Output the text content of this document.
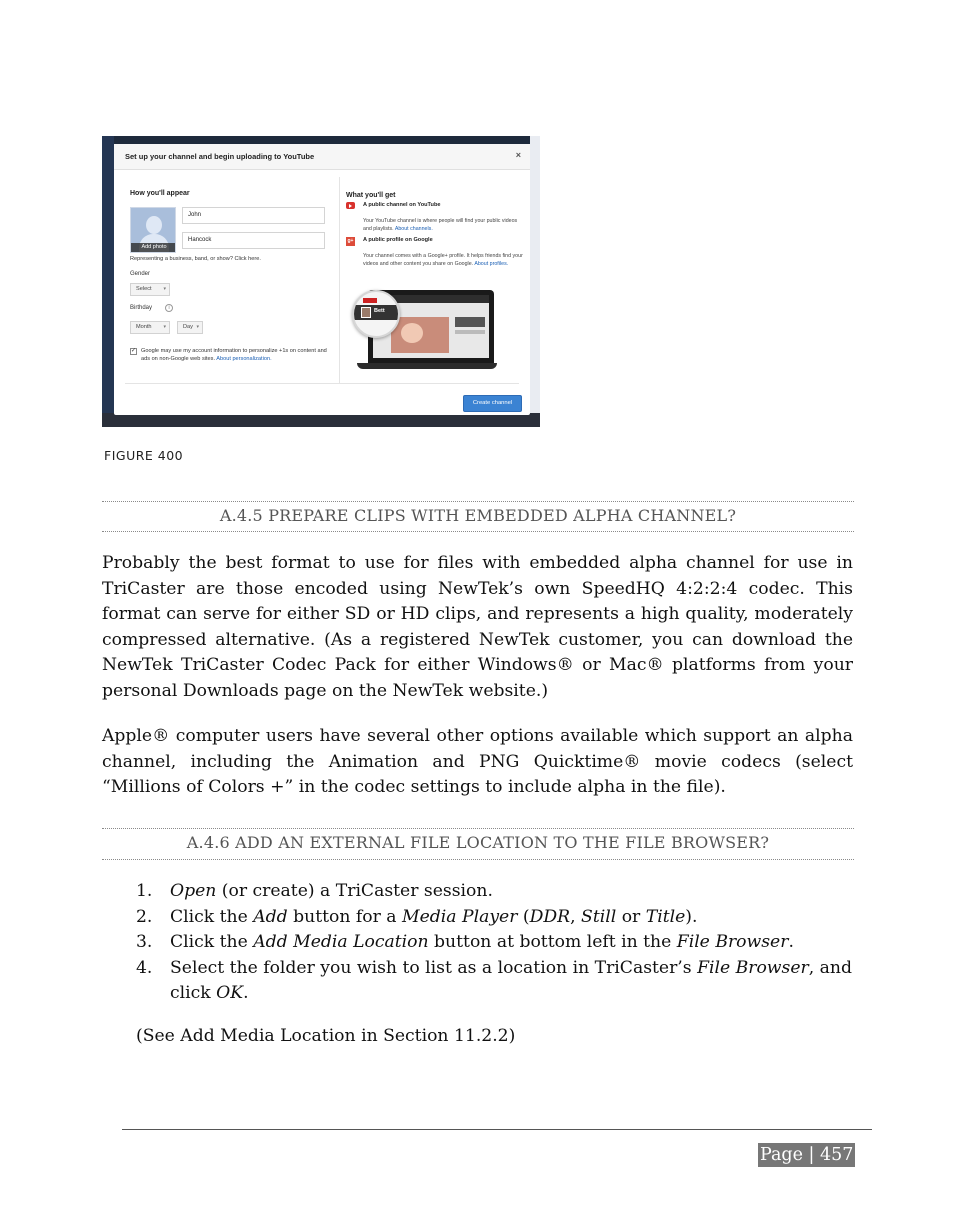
Set up your channel and begin uploading to YouTube	×
How you'll appear
Add photo
John
Hancock
Representing a business, band, or show? Click here.
Gender
Select ▾
Birthday	i
Month ▾	Day ▾
✓ Google may use my account information to personalize +1s on content and ads on non-Google web sites. About personalization.
What you'll get
A public channel on YouTube
Your YouTube channel is where people will find your public videos and playlists. About channels.
g+ A public profile on Google
Your channel comes with a Google+ profile. It helps friends find your videos and other content you share on Google. About profiles.
Bett
Create channel
FIGURE 400
A.4.5 PREPARE CLIPS WITH EMBEDDED ALPHA CHANNEL?
Probably the best format to use for files with embedded alpha channel for use in TriCaster are those encoded using NewTek’s own SpeedHQ 4:2:2:4 codec. This format can serve for either SD or HD clips, and represents a high quality, moderately compressed alternative. (As a registered NewTek customer, you can download the NewTek TriCaster Codec Pack for either Windows® or Mac® platforms from your personal Downloads page on the NewTek website.)
Apple® computer users have several other options available which support an alpha channel, including the Animation and PNG Quicktime® movie codecs (select “Millions of Colors +” in the codec settings to include alpha in the file).
A.4.6 ADD AN EXTERNAL FILE LOCATION TO THE FILE BROWSER?
1. Open (or create) a TriCaster session.
2. Click the Add button for a Media Player (DDR, Still or Title).
3. Click the Add Media Location button at bottom left in the File Browser.
4. Select the folder you wish to list as a location in TriCaster’s File Browser, and click OK.
(See Add Media Location in Section 11.2.2)
Page | 457
